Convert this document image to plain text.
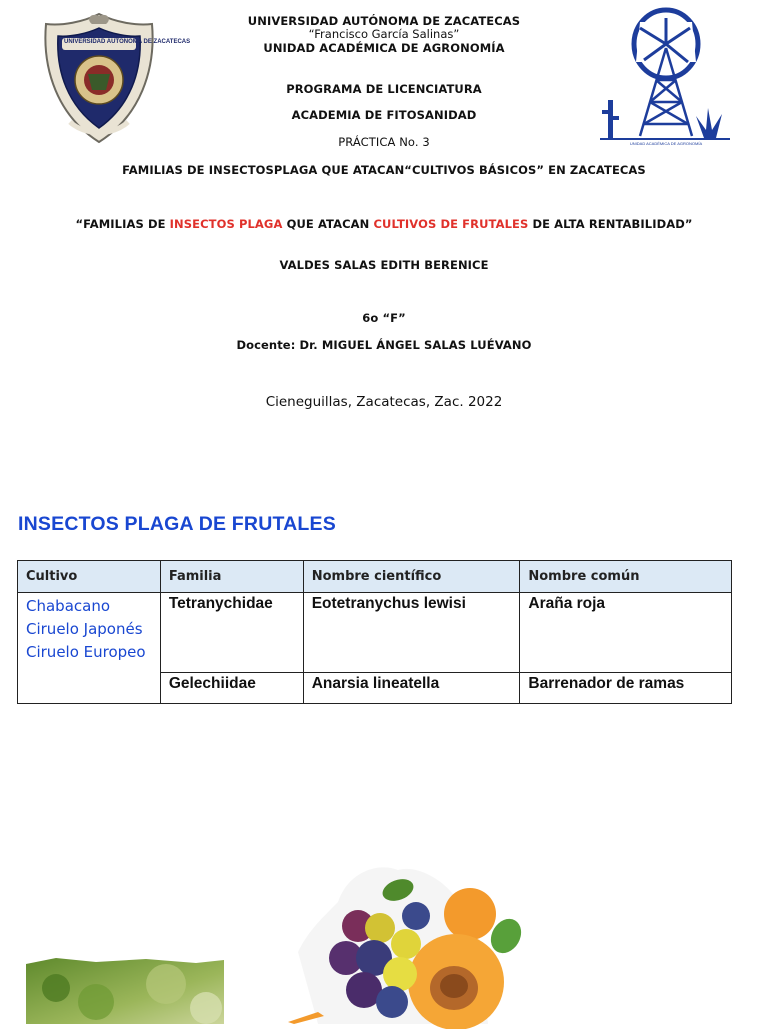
UNIVERSIDAD AUTÓNOMA DE ZACATECAS
UNIDAD ACADÉMICA DE AGRONOMÍA
UNIVERSIDAD AUTÓNOMA DE ZACATECAS
“Francisco García Salinas”
UNIDAD ACADÉMICA DE AGRONOMÍA
PROGRAMA DE LICENCIATURA
ACADEMIA DE FITOSANIDAD
PRÁCTICA No. 3
FAMILIAS DE INSECTOSPLAGA QUE ATACAN“CULTIVOS BÁSICOS” EN ZACATECAS
“FAMILIAS DE INSECTOS PLAGA QUE ATACAN CULTIVOS DE FRUTALES DE ALTA RENTABILIDAD”
VALDES SALAS EDITH BERENICE
6o “F”
Docente: Dr. MIGUEL ÁNGEL SALAS LUÉVANO
Cieneguillas, Zacatecas, Zac. 2022
INSECTOS PLAGA DE FRUTALES
Cultivo	Familia	Nombre científico	Nombre común

Chabacano
Ciruelo Japonés
Ciruelo Europeo	Tetranychidae	Eotetranychus lewisi	Araña roja
	Gelechiidae	Anarsia lineatella	Barrenador de ramas
